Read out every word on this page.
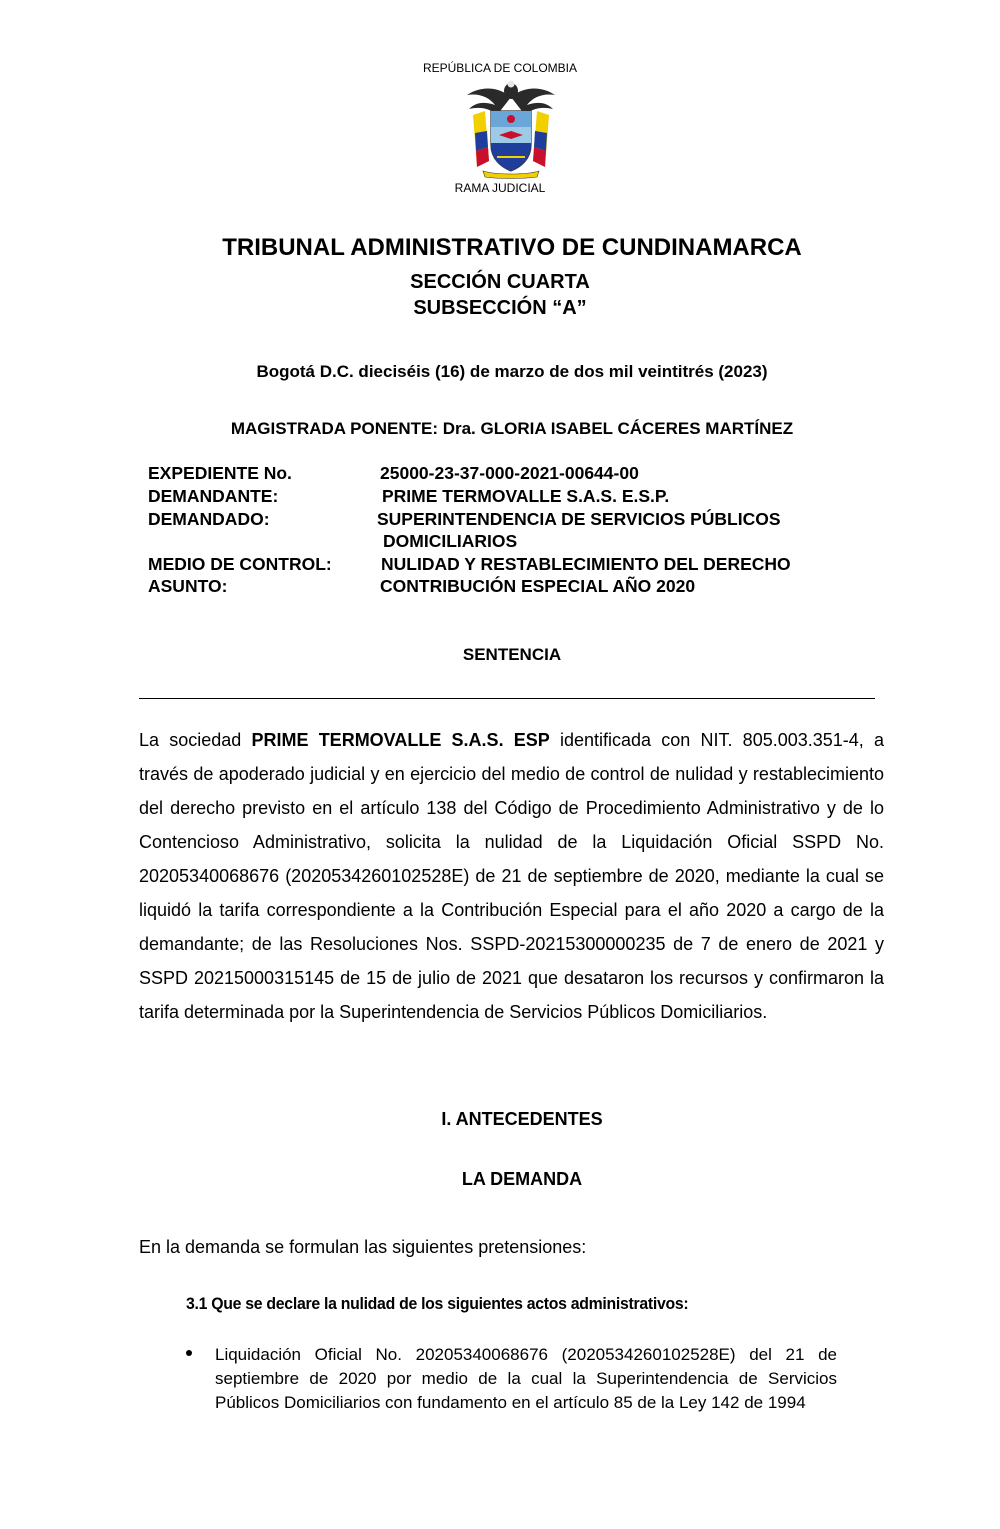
REPÚBLICA DE COLOMBIA
RAMA JUDICIAL
TRIBUNAL ADMINISTRATIVO DE CUNDINAMARCA
SECCIÓN CUARTA
SUBSECCIÓN “A”
Bogotá D.C. dieciséis (16) de marzo de dos mil veintitrés (2023)
MAGISTRADA PONENTE: Dra. GLORIA ISABEL CÁCERES MARTÍNEZ
EXPEDIENTE No.	25000-23-37-000-2021-00644-00
DEMANDANTE:	PRIME TERMOVALLE S.A.S. E.S.P.
DEMANDADO:	SUPERINTENDENCIA DE SERVICIOS PÚBLICOS
DOMICILIARIOS
MEDIO DE CONTROL:	NULIDAD Y RESTABLECIMIENTO DEL DERECHO
ASUNTO:	CONTRIBUCIÓN ESPECIAL AÑO 2020
SENTENCIA
La sociedad PRIME TERMOVALLE S.A.S. ESP identificada con NIT. 805.003.351-4, a través de apoderado judicial y en ejercicio del medio de control de nulidad y restablecimiento del derecho previsto en el artículo 138 del Código de Procedimiento Administrativo y de lo Contencioso Administrativo, solicita la nulidad de la Liquidación Oficial SSPD No. 20205340068676 (2020534260102528E) de 21 de septiembre de 2020, mediante la cual se liquidó la tarifa correspondiente a la Contribución Especial para el año 2020 a cargo de la demandante; de las Resoluciones Nos. SSPD-20215300000235 de 7 de enero de 2021 y SSPD 20215000315145 de 15 de julio de 2021 que desataron los recursos y confirmaron la tarifa determinada por la Superintendencia de Servicios Públicos Domiciliarios.
I. ANTECEDENTES
LA DEMANDA
En la demanda se formulan las siguientes pretensiones:
3.1 Que se declare la nulidad de los siguientes actos administrativos:
Liquidación Oficial No. 20205340068676 (2020534260102528E) del 21 de septiembre de 2020 por medio de la cual la Superintendencia de Servicios Públicos Domiciliarios con fundamento en el artículo 85 de la Ley 142 de 1994
